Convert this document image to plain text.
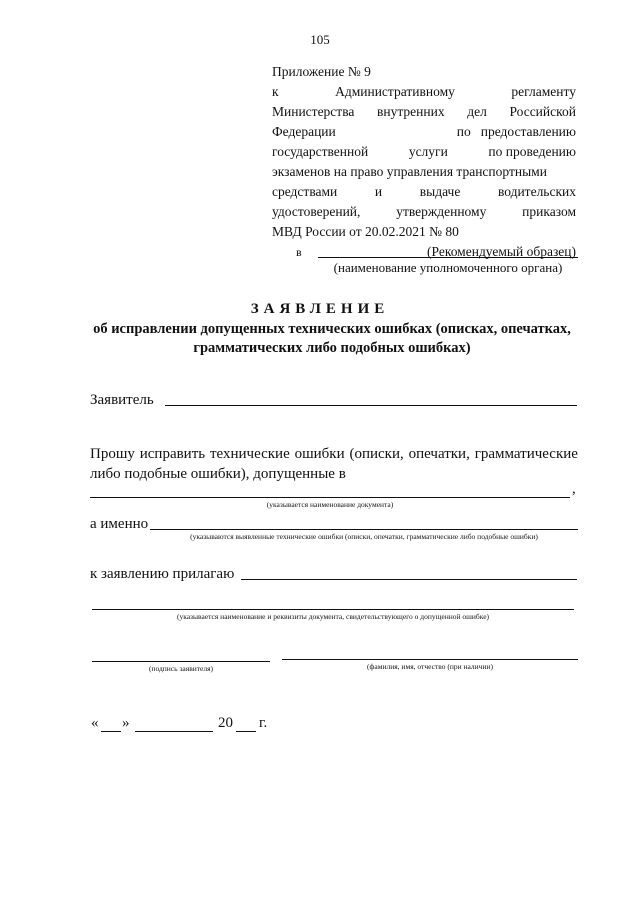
105
Приложение № 9
к	Административному	регламенту
Министерства внутренних дел Российской
Федерации	по предоставлению
государственной	услуги	по проведению
экзаменов на право управления транспортными
средствами	и	выдаче	водительских
удостоверений,	утвержденному	приказом
МВД России от 20.02.2021 № 80
(Рекомендуемый образец)
в
(наименование уполномоченного органа)
ЗАЯВЛЕНИЕ
об исправлении допущенных технических ошибках (описках, опечатках, грамматических либо подобных ошибках)
Заявитель
Прошу исправить технические ошибки (описки, опечатки, грамматические
либо подобные ошибки), допущенные в
,
(указывается наименование документа)
а именно
(указываются выявленные технические ошибки (описки, опечатки, грамматические либо подобные ошибки)
к заявлению прилагаю
(указывается наименование и реквизиты документа, свидетельствующего о допущенной ошибке)
(подпись заявителя)	(фамилия, имя, отчество (при наличии)
« »	20 г.
